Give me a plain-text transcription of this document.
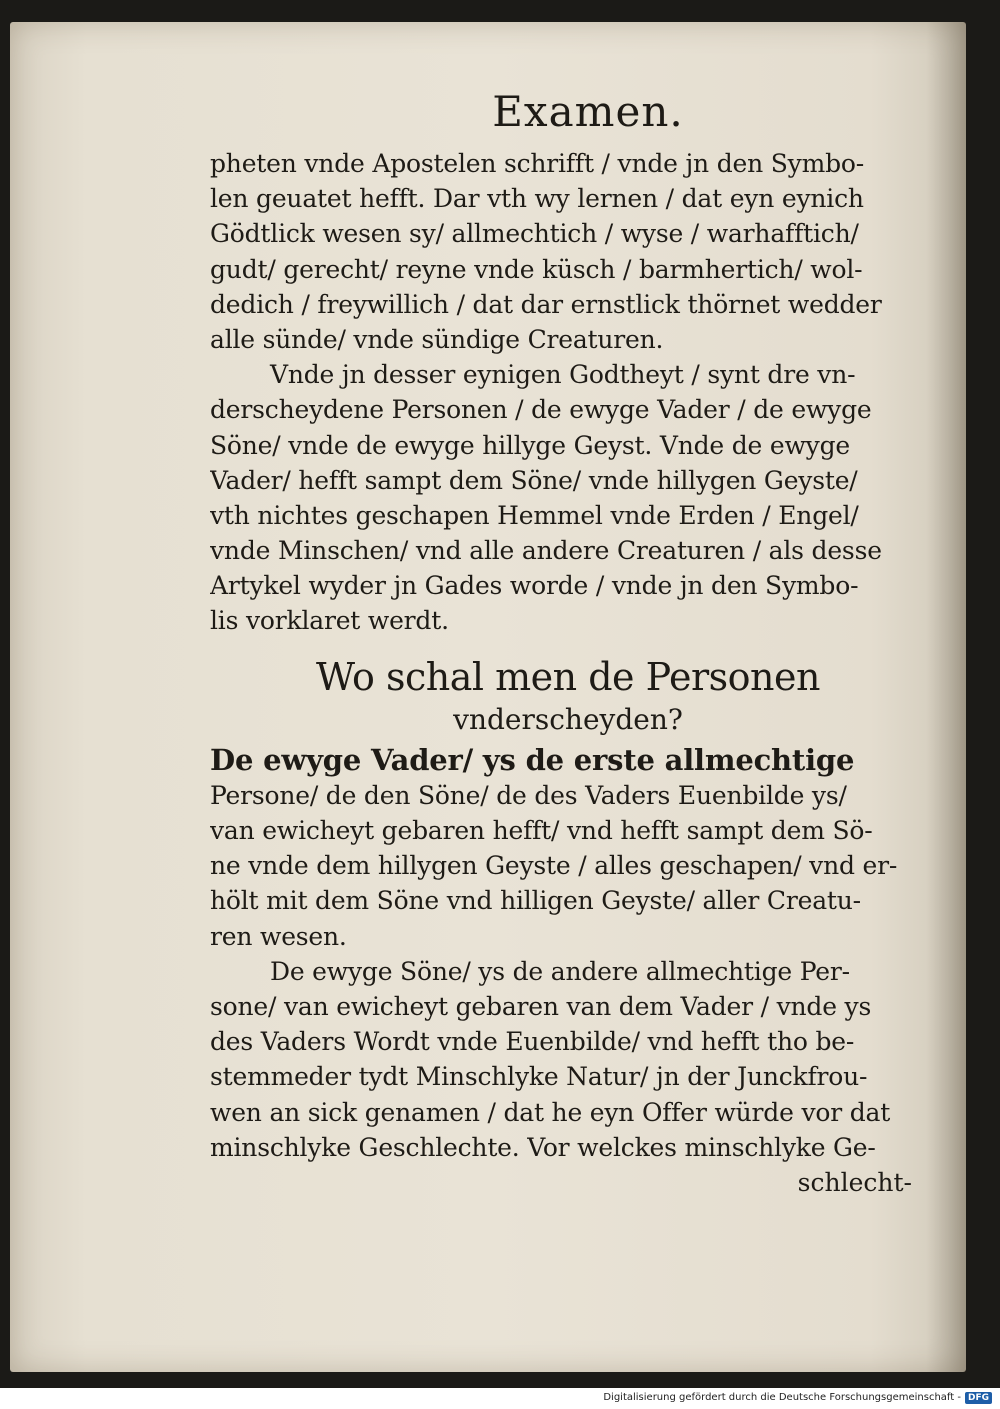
Examen.
pheten vnde Apostelen schrifft / vnde jn den Symbo-
len geuatet hefft. Dar vth wy lernen / dat eyn eynich
Gödtlick wesen sy/ allmechtich / wyse / warhafftich/
gudt/ gerecht/ reyne vnde küsch / barmhertich/ wol-
dedich / freywillich / dat dar ernstlick thörnet wedder
alle sünde/ vnde sündige Creaturen.
Vnde jn desser eynigen Godtheyt / synt dre vn-
derscheydene Personen / de ewyge Vader / de ewyge
Söne/ vnde de ewyge hillyge Geyst. Vnde de ewyge
Vader/ hefft sampt dem Söne/ vnde hillygen Geyste/
vth nichtes geschapen Hemmel vnde Erden / Engel/
vnde Minschen/ vnd alle andere Creaturen / als desse
Artykel wyder jn Gades worde / vnde jn den Symbo-
lis vorklaret werdt.
Wo schal men de Personen
vnderscheyden?
De ewyge Vader/ ys de erste allmechtige
Persone/ de den Söne/ de des Vaders Euenbilde ys/
van ewicheyt gebaren hefft/ vnd hefft sampt dem Sö-
ne vnde dem hillygen Geyste / alles geschapen/ vnd er-
hölt mit dem Söne vnd hilligen Geyste/ aller Creatu-
ren wesen.
De ewyge Söne/ ys de andere allmechtige Per-
sone/ van ewicheyt gebaren van dem Vader / vnde ys
des Vaders Wordt vnde Euenbilde/ vnd hefft tho be-
stemmeder tydt Minschlyke Natur/ jn der Junckfrou-
wen an sick genamen / dat he eyn Offer würde vor dat
minschlyke Geschlechte. Vor welckes minschlyke Ge-
schlecht-
Digitalisierung gefördert durch die Deutsche Forschungsgemeinschaft - DFG
